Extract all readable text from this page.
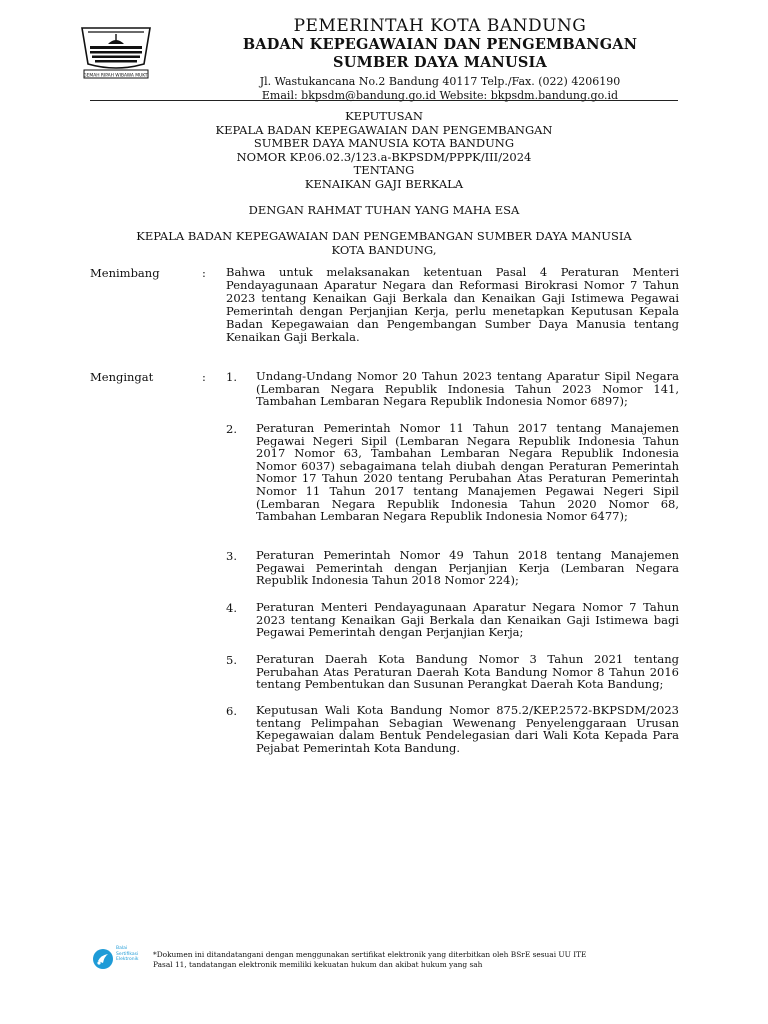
GEMAH RIPAH WIBAWA MUKTI
PEMERINTAH KOTA BANDUNG
BADAN KEPEGAWAIAN DAN PENGEMBANGAN
SUMBER DAYA MANUSIA
Jl. Wastukancana No.2 Bandung 40117 Telp./Fax. (022) 4206190
Email: bkpsdm@bandung.go.id Website: bkpsdm.bandung.go.id
KEPUTUSAN
KEPALA BADAN KEPEGAWAIAN DAN PENGEMBANGAN
SUMBER DAYA MANUSIA KOTA BANDUNG
NOMOR KP.06.02.3/123.a-BKPSDM/PPPK/III/2024
TENTANG
KENAIKAN GAJI BERKALA
DENGAN RAHMAT TUHAN YANG MAHA ESA
KEPALA BADAN KEPEGAWAIAN DAN PENGEMBANGAN SUMBER DAYA MANUSIA
KOTA BANDUNG,
Menimbang	: Bahwa untuk melaksanakan ketentuan Pasal 4 Peraturan Menteri Pendayagunaan Aparatur Negara dan Reformasi Birokrasi Nomor 7 Tahun 2023 tentang Kenaikan Gaji Berkala dan Kenaikan Gaji Istimewa Pegawai Pemerintah dengan Perjanjian Kerja, perlu menetapkan Keputusan Kepala Badan Kepegawaian dan Pengembangan Sumber Daya Manusia tentang Kenaikan Gaji Berkala.
Mengingat	: 1. Undang-Undang Nomor 20 Tahun 2023 tentang Aparatur Sipil Negara (Lembaran Negara Republik Indonesia Tahun 2023 Nomor 141, Tambahan Lembaran Negara Republik Indonesia Nomor 6897);
2. Peraturan Pemerintah Nomor 11 Tahun 2017 tentang Manajemen Pegawai Negeri Sipil (Lembaran Negara Republik Indonesia Tahun 2017 Nomor 63, Tambahan Lembaran Negara Republik Indonesia Nomor 6037) sebagaimana telah diubah dengan Peraturan Pemerintah Nomor 17 Tahun 2020 tentang Perubahan Atas Peraturan Pemerintah Nomor 11 Tahun 2017 tentang Manajemen Pegawai Negeri Sipil (Lembaran Negara Republik Indonesia Tahun 2020 Nomor 68, Tambahan Lembaran Negara Republik Indonesia Nomor 6477);
3. Peraturan Pemerintah Nomor 49 Tahun 2018 tentang Manajemen Pegawai Pemerintah dengan Perjanjian Kerja (Lembaran Negara Republik Indonesia Tahun 2018 Nomor 224);
4. Peraturan Menteri Pendayagunaan Aparatur Negara Nomor 7 Tahun 2023 tentang Kenaikan Gaji Berkala dan Kenaikan Gaji Istimewa bagi Pegawai Pemerintah dengan Perjanjian Kerja;
5. Peraturan Daerah Kota Bandung Nomor 3 Tahun 2021 tentang Perubahan Atas Peraturan Daerah Kota Bandung Nomor 8 Tahun 2016 tentang Pembentukan dan Susunan Perangkat Daerah Kota Bandung;
6. Keputusan Wali Kota Bandung Nomor 875.2/KEP.2572-BKPSDM/2023 tentang Pelimpahan Sebagian Wewenang Penyelenggaraan Urusan Kepegawaian dalam Bentuk Pendelegasian dari Wali Kota Kepada Para Pejabat Pemerintah Kota Bandung.
Balai Sertifikasi Elektronik
*Dokumen ini ditandatangani dengan menggunakan sertifikat elektronik yang diterbitkan oleh BSrE sesuai UU ITE
Pasal 11, tandatangan elektronik memiliki kekuatan hukum dan akibat hukum yang sah
